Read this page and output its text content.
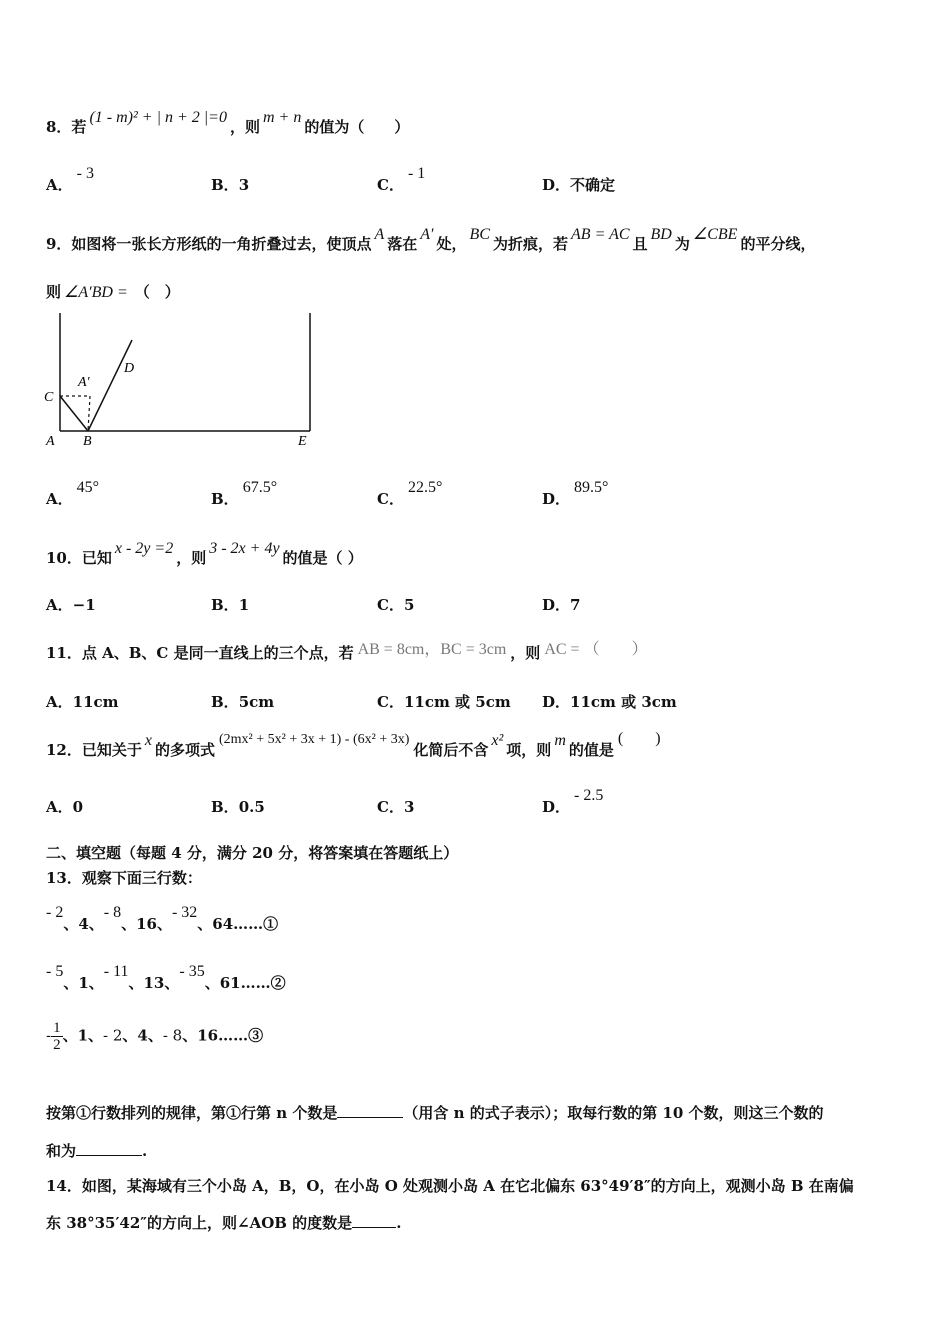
8．若(1 - m)² + | n + 2 |=0，则m + n的值为（　　）
A．- 3
B．3	C．- 1
D．不确定
9．如图将一张长方形纸的一角折叠过去，使顶点A落在A′处，BC为折痕，若AB = AC且BD为∠CBE的平分线，
则 ∠A′BD = （　）
C
A′
D
A B	E
A．45°
B．67.5°
C．22.5°
D．89.5°
10．已知x - 2y =2，则3 - 2x + 4y的值是（ ）
A．−1	B．1	C．5	D．7
11．点 A、B、C 是同一直线上的三个点，若 AB = 8cm，BC = 3cm ，则 AC = （　　）
A．11cm	B．5cm	C．11cm 或 5cm D．11cm 或 3cm
12．已知关于x的多项式(2mx² + 5x² + 3x + 1) - (6x² + 3x)化简后不含x²项，则m的值是(　　)
A．0	B．0.5	C．3	D．- 2.5
二、填空题（每题 4 分，满分 20 分，将答案填在答题纸上）
13．观察下面三行数：
- 2、4、- 8、16、- 32、64……①
- 5、1、- 11、13、- 35、61……②
- $\frac{1}{2}$ 、1、- 2、4、- 8、16……③
按第①行数排列的规律，第①行第 n 个数是	（用含 n 的式子表示）；取每行数的第 10 个数，则这三个数的
和为	.
14．如图，某海域有三个小岛 A，B，O，在小岛 O 处观测小岛 A 在它北偏东 63°49′8″的方向上，观测小岛 B 在南偏
东 38°35′42″的方向上，则∠AOB 的度数是	.
